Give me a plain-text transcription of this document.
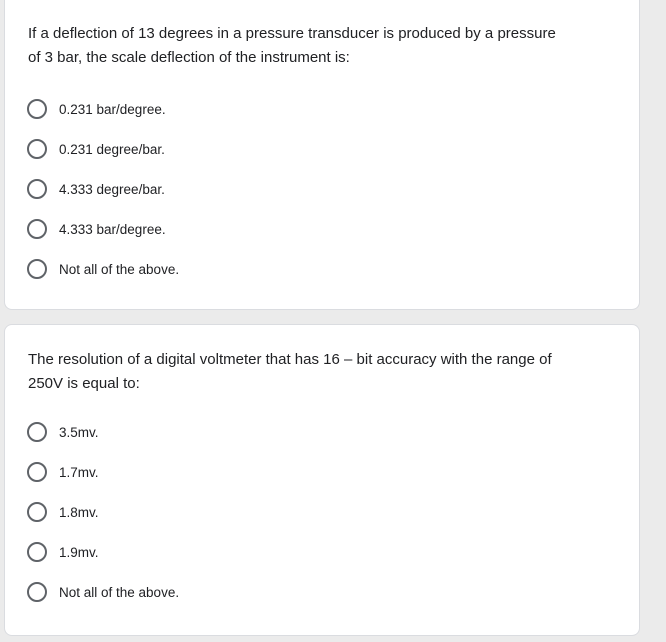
If a deflection of 13 degrees in a pressure transducer is produced by a pressure of 3 bar, the scale deflection of the instrument is:

0.231 bar/degree.
0.231 degree/bar.
4.333 degree/bar.
4.333 bar/degree.
Not all of the above.

The resolution of a digital voltmeter that has 16 – bit accuracy with the range of 250V is equal to:

3.5mv.
1.7mv.
1.8mv.
1.9mv.
Not all of the above.
